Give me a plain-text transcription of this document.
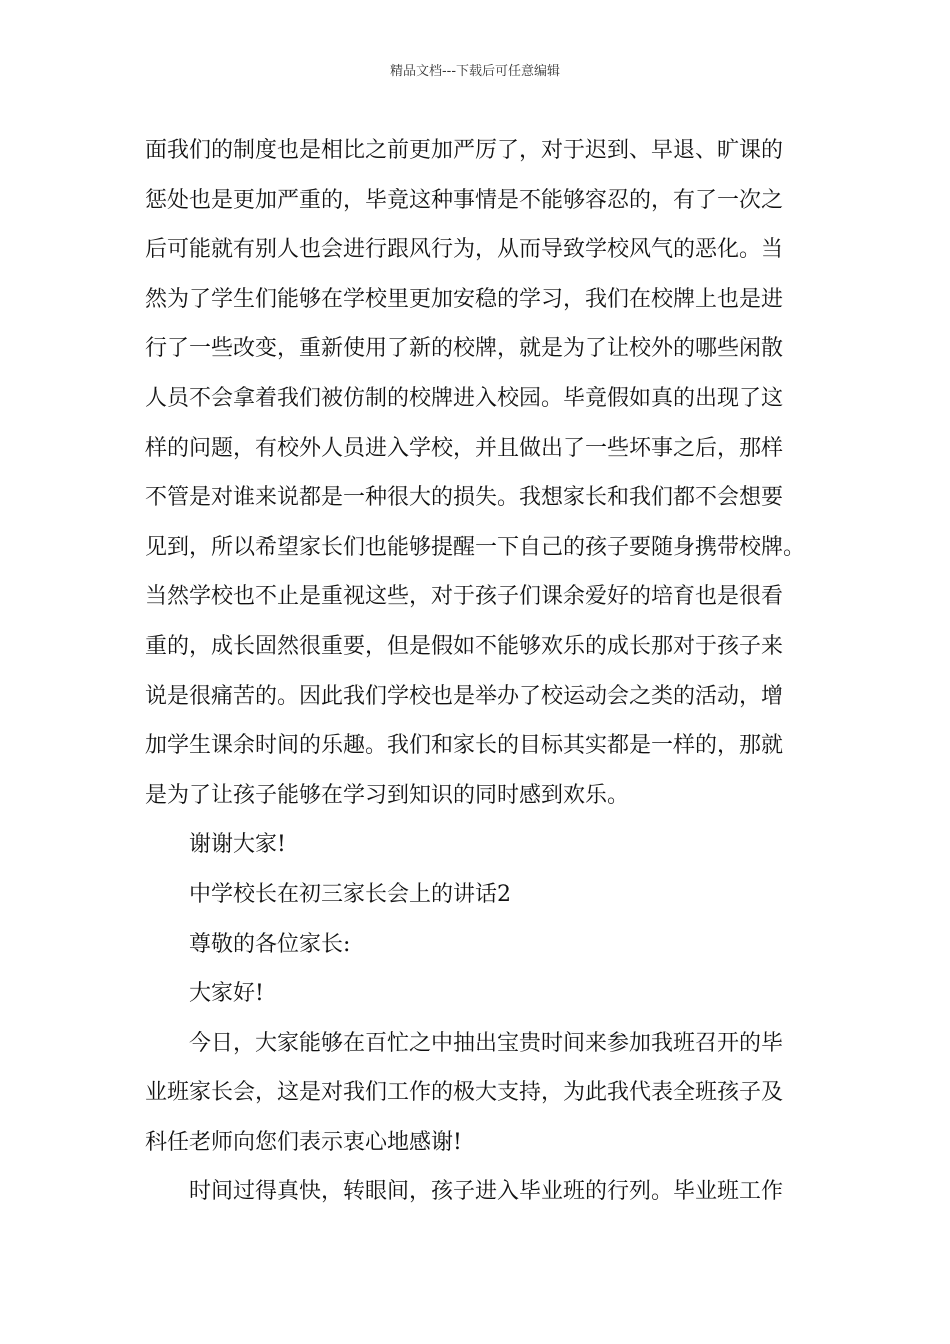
精品文档---下载后可任意编辑
面我们的制度也是相比之前更加严厉了，对于迟到、早退、旷课的
惩处也是更加严重的，毕竟这种事情是不能够容忍的，有了一次之
后可能就有别人也会进行跟风行为，从而导致学校风气的恶化。当
然为了学生们能够在学校里更加安稳的学习，我们在校牌上也是进
行了一些改变，重新使用了新的校牌，就是为了让校外的哪些闲散
人员不会拿着我们被仿制的校牌进入校园。毕竟假如真的出现了这
样的问题，有校外人员进入学校，并且做出了一些坏事之后，那样
不管是对谁来说都是一种很大的损失。我想家长和我们都不会想要
见到，所以希望家长们也能够提醒一下自己的孩子要随身携带校牌。
当然学校也不止是重视这些，对于孩子们课余爱好的培育也是很看
重的，成长固然很重要，但是假如不能够欢乐的成长那对于孩子来
说是很痛苦的。因此我们学校也是举办了校运动会之类的活动，增
加学生课余时间的乐趣。我们和家长的目标其实都是一样的，那就
是为了让孩子能够在学习到知识的同时感到欢乐。
谢谢大家!
中学校长在初三家长会上的讲话2
尊敬的各位家长:
大家好!
今日，大家能够在百忙之中抽出宝贵时间来参加我班召开的毕
业班家长会，这是对我们工作的极大支持，为此我代表全班孩子及
科任老师向您们表示衷心地感谢!
时间过得真快，转眼间，孩子进入毕业班的行列。毕业班工作
